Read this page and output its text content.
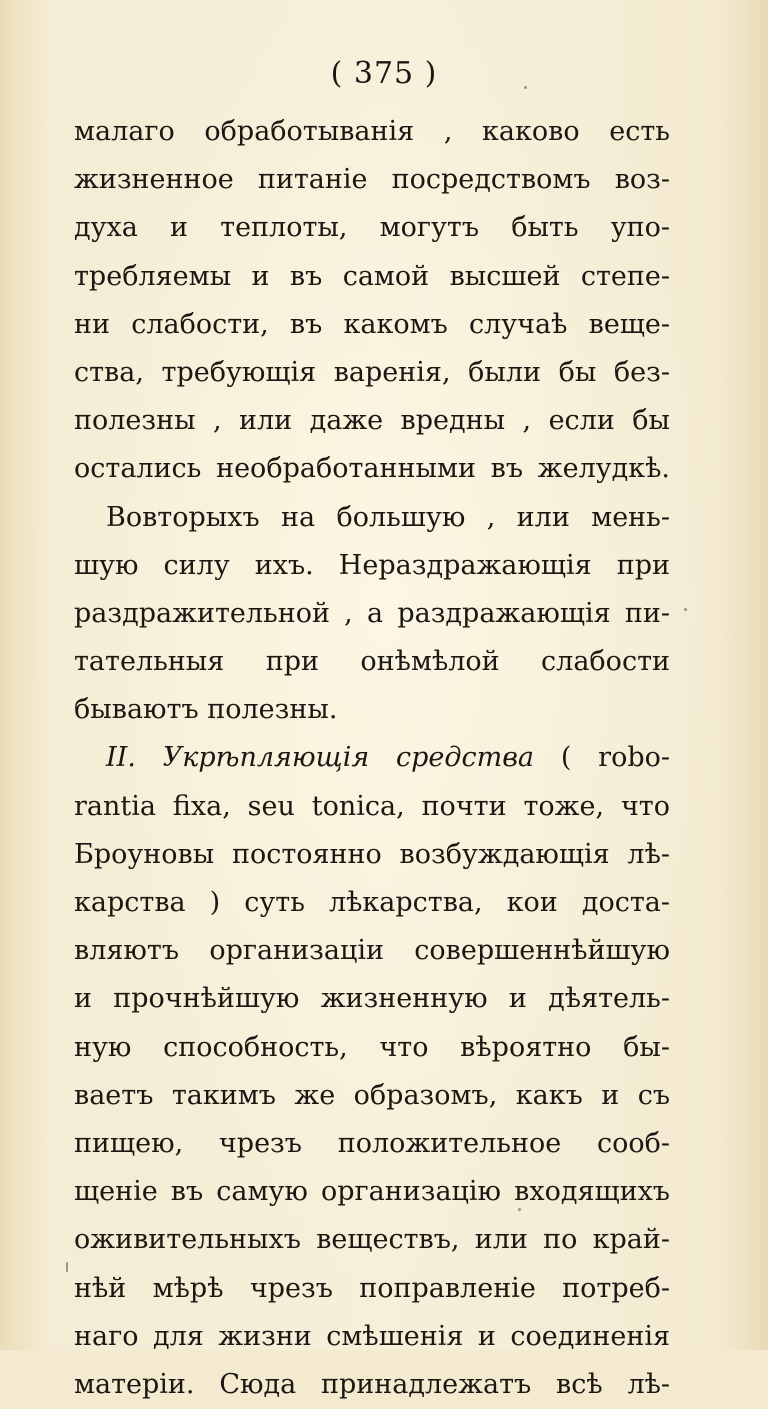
( 375 )
малаго обработыванія , каково есть
жизненное питаніе посредствомъ воз-
духа и теплоты, могутъ быть упо-
требляемы и въ самой высшей степе-
ни слабости, въ какомъ случаѣ веще-
ства, требующія варенія, были бы без-
полезны , или даже вредны , если бы
остались необработанными въ желудкѣ.
Вовторыхъ на большую , или мень-
шую силу ихъ. Нераздражающія при
раздражительной , а раздражающія пи-
тательныя при онѣмѣлой слабости
бываютъ полезны.
II. Укрѣпляющія средства ( robo-
rantia fixa, seu tonica, почти тоже, что
Броуновы постоянно возбуждающія лѣ-
карства ) суть лѣкарства, кои доста-
вляютъ организаціи совершеннѣйшую
и прочнѣйшую жизненную и дѣятель-
ную способность, что вѣроятно бы-
ваетъ такимъ же образомъ, какъ и съ
пищею, чрезъ положительное сооб-
щеніе въ самую организацію входящихъ
оживительныхъ веществъ, или по край-
нѣй мѣрѣ чрезъ поправленіе потреб-
наго для жизни смѣшенія и соединенія
матеріи. Сюда принадлежатъ всѣ лѣ-
